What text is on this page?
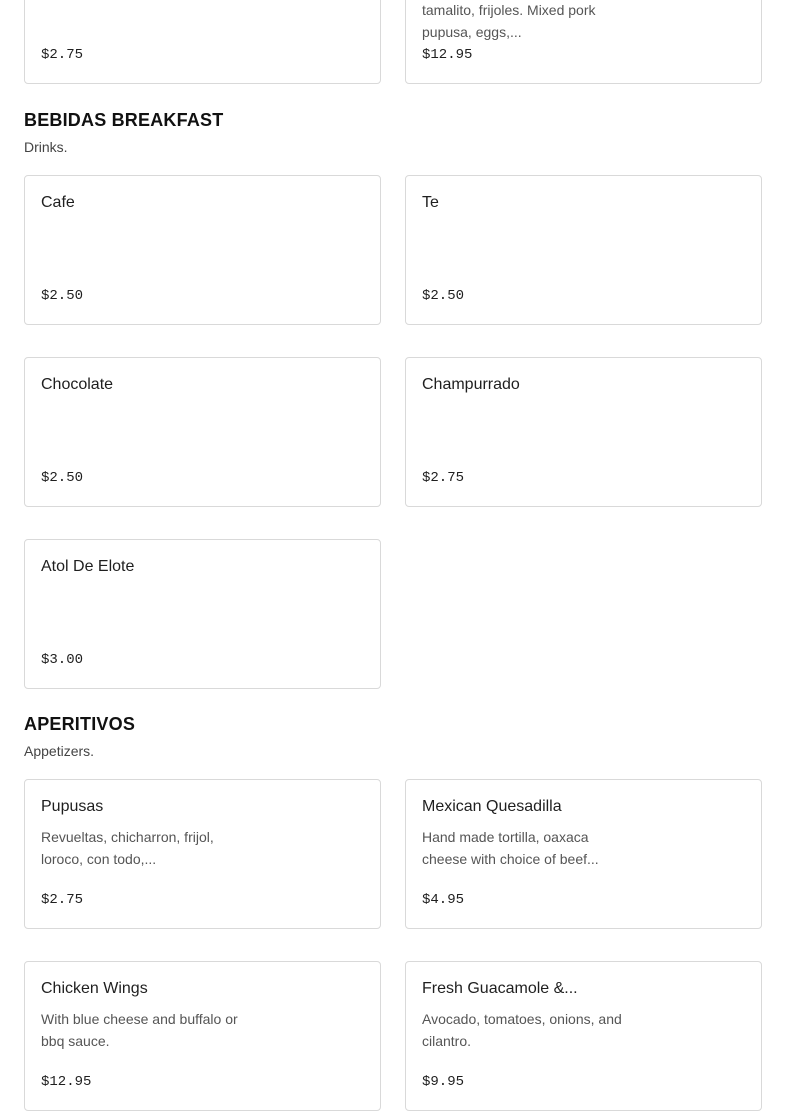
$2.75
tamalito, frijoles. Mixed pork pupusa, eggs,...
$12.95
BEBIDAS BREAKFAST
Drinks.
Cafe
$2.50
Te
$2.50
Chocolate
$2.50
Champurrado
$2.75
Atol De Elote
$3.00
APERITIVOS
Appetizers.
Pupusas
Revueltas, chicharron, frijol, loroco, con todo,...
$2.75
Mexican Quesadilla
Hand made tortilla, oaxaca cheese with choice of beef...
$4.95
Chicken Wings
With blue cheese and buffalo or bbq sauce.
$12.95
Fresh Guacamole &...
Avocado, tomatoes, onions, and cilantro.
$9.95
